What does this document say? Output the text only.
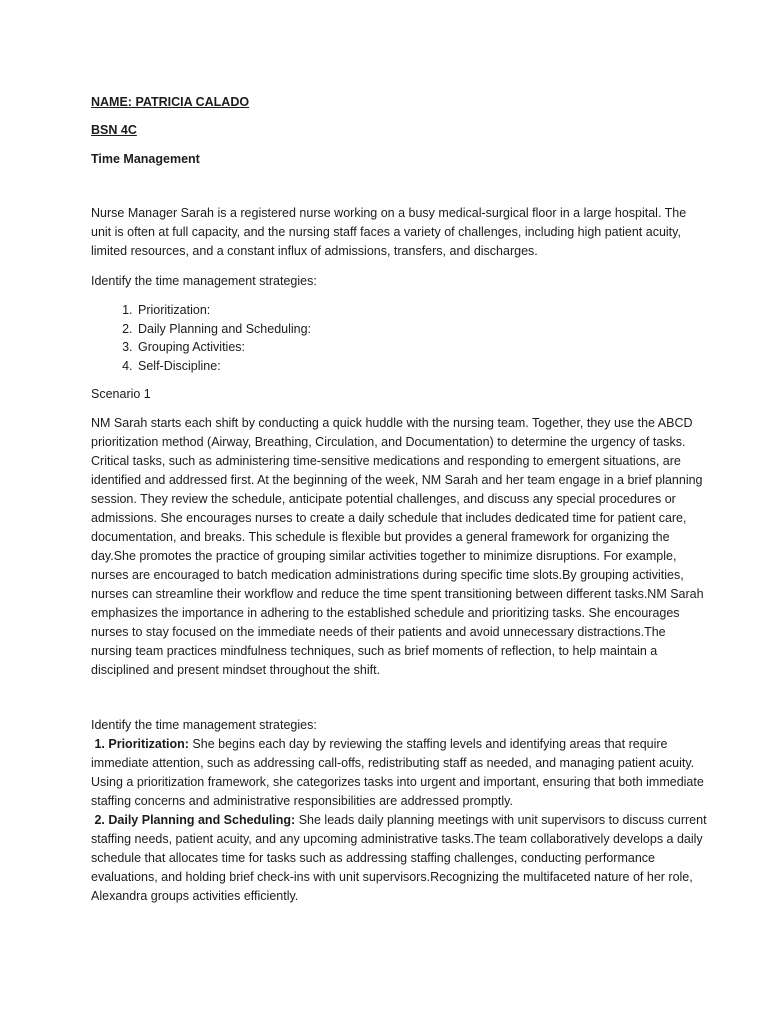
NAME: PATRICIA CALADO

BSN 4C

Time Management

Nurse Manager Sarah is a registered nurse working on a busy medical-surgical floor in a large hospital. The unit is often at full capacity, and the nursing staff faces a variety of challenges, including high patient acuity, limited resources, and a constant influx of admissions, transfers, and discharges.

Identify the time management strategies:

1. Prioritization:
2. Daily Planning and Scheduling:
3. Grouping Activities:
4. Self-Discipline:

Scenario 1

NM Sarah starts each shift by conducting a quick huddle with the nursing team. Together, they use the ABCD prioritization method (Airway, Breathing, Circulation, and Documentation) to determine the urgency of tasks. Critical tasks, such as administering time-sensitive medications and responding to emergent situations, are identified and addressed first. At the beginning of the week, NM Sarah and her team engage in a brief planning session. They review the schedule, anticipate potential challenges, and discuss any special procedures or admissions. She encourages nurses to create a daily schedule that includes dedicated time for patient care, documentation, and breaks. This schedule is flexible but provides a general framework for organizing the day.She promotes the practice of grouping similar activities together to minimize disruptions. For example, nurses are encouraged to batch medication administrations during specific time slots.By grouping activities, nurses can streamline their workflow and reduce the time spent transitioning between different tasks.NM Sarah emphasizes the importance in adhering to the established schedule and prioritizing tasks. She encourages nurses to stay focused on the immediate needs of their patients and avoid unnecessary distractions.The nursing team practices mindfulness techniques, such as brief moments of reflection, to help maintain a disciplined and present mindset throughout the shift.

Identify the time management strategies:

1. Prioritization: She begins each day by reviewing the staffing levels and identifying areas that require immediate attention, such as addressing call-offs, redistributing staff as needed, and managing patient acuity. Using a prioritization framework, she categorizes tasks into urgent and important, ensuring that both immediate staffing concerns and administrative responsibilities are addressed promptly.

2. Daily Planning and Scheduling: She leads daily planning meetings with unit supervisors to discuss current staffing needs, patient acuity, and any upcoming administrative tasks.The team collaboratively develops a daily schedule that allocates time for tasks such as addressing staffing challenges, conducting performance evaluations, and holding brief check-ins with unit supervisors.Recognizing the multifaceted nature of her role, Alexandra groups activities efficiently.
